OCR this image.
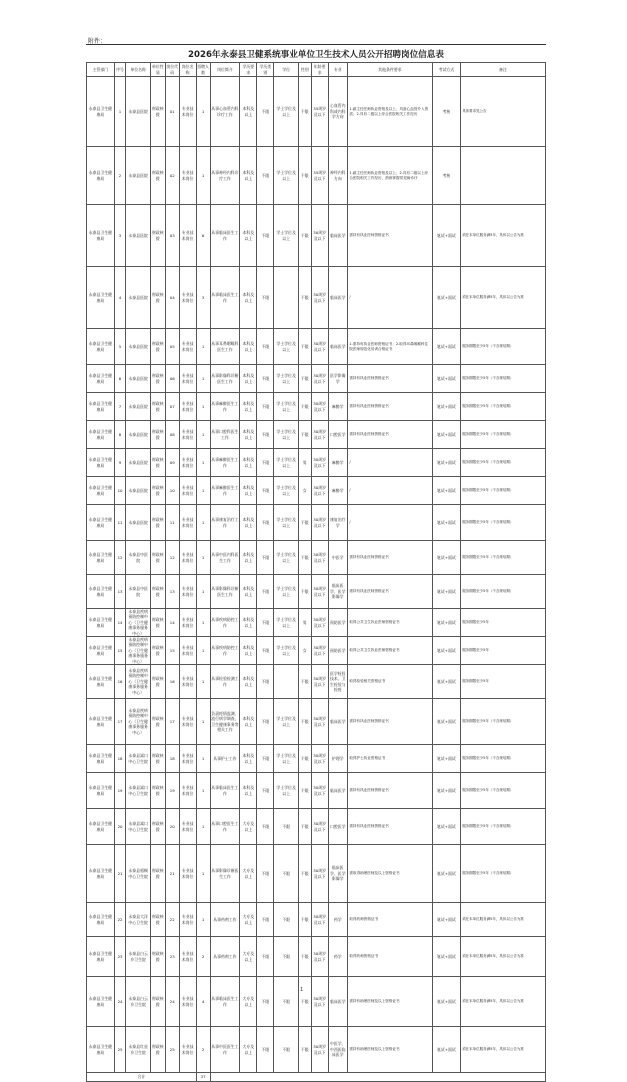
附件：
2026年永泰县卫健系统事业单位卫生技术人员公开招聘岗位信息表
主管部门	序号	单位名称	单位性质	岗位代码	岗位名称	招聘人数	岗位简介	学历要求	学历类别	学位	性别	年龄要求	专业	其他条件要求	考试方式	备注
永泰县卫生健康局	1	永泰县医院	财政核拨	01	专业技术岗位	1	从事心血管内科诊疗工作	本科及以上	不限	学士学位及以上	不限	35周岁及以下	心血管内科或内科学方向	1.副主任医师执业资格及以上，具备心血管介入资质；2.具有二级以上综合医院相关工作经历	考核	具体要求见公告
永泰县卫生健康局	2	永泰县医院	财政核拨	02	专业技术岗位	1	从事神经内科诊疗工作	本科及以上	不限	学士学位及以上	不限	35周岁及以下	神经内科方向	1.副主任医师执业资格及以上；2.具有二级以上综合医院相关工作经历，熟练掌握常见病诊疗	考核	
永泰县卫生健康局	3	永泰县医院	财政核拨	03	专业技术岗位	6	从事临床医生工作	本科及以上	不限	学士学位及以上	不限	30周岁及以下	临床医学	需持有执业医师资格证书	笔试+面试	须在本单位服务满5年，具体以公告为准
永泰县卫生健康局	4	永泰县医院	财政核拨	04	专业技术岗位	3	从事临床医生工作	本科及以上	不限		不限	30周岁及以下	临床医学	/	笔试+面试	须在本单位服务满5年，具体以公告为准
永泰县卫生健康局	5	永泰县医院	财政核拨	05	专业技术岗位	1	从事耳鼻咽喉科医生工作	本科及以上	不限	学士学位及以上	不限	30周岁及以下	临床医学	1.需持有执业医师资格证书；2.取得耳鼻咽喉科住院医师规范化培训合格证书	笔试+面试	服务期限至少5年（不含规培期）
永泰县卫生健康局	6	永泰县医院	财政核拨	06	专业技术岗位	1	从事影像科诊断医生工作	本科及以上	不限	学士学位及以上	不限	30周岁及以下	医学影像学	需持有执业医师资格证书	笔试+面试	服务期限至少5年（不含规培期）
永泰县卫生健康局	7	永泰县医院	财政核拨	07	专业技术岗位	1	从事麻醉医生工作	本科及以上	不限	学士学位及以上	不限	30周岁及以下	麻醉学	需持有执业医师资格证书	笔试+面试	服务期限至少5年（不含规培期）
永泰县卫生健康局	8	永泰县医院	财政核拨	08	专业技术岗位	1	从事口腔科医生工作	本科及以上	不限	学士学位及以上	不限	30周岁及以下	口腔医学	需持有执业医师资格证书	笔试+面试	服务期限至少5年（不含规培期）
永泰县卫生健康局	9	永泰县医院	财政核拨	09	专业技术岗位	1	从事麻醉医生工作	本科及以上	不限	学士学位及以上	男	30周岁及以下	麻醉学	/	笔试+面试	服务期限至少5年（不含规培期）
永泰县卫生健康局	10	永泰县医院	财政核拨	10	专业技术岗位	1	从事麻醉医生工作	本科及以上	不限	学士学位及以上	女	30周岁及以下	麻醉学	/	笔试+面试	服务期限至少5年（不含规培期）
永泰县卫生健康局	11	永泰县医院	财政核拨	11	专业技术岗位	1	从事康复治疗工作	本科及以上	不限	学士学位及以上	不限	30周岁及以下	康复治疗学	/	笔试+面试	服务期限至少5年（不含规培期）
永泰县卫生健康局	12	永泰县中医院	财政核拨	12	专业技术岗位	1	从事中医内科医生工作	本科及以上	不限	学士学位及以上	不限	30周岁及以下	中医学	需持有执业医师资格证书	笔试+面试	服务期限至少5年（不含规培期）
永泰县卫生健康局	13	永泰县中医院	财政核拨	13	专业技术岗位	1	从事影像科诊断医生工作	本科及以上	不限	学士学位及以上	不限	30周岁及以下	临床医学、医学影像学	需持有执业医师资格证书	笔试+面试	服务期限至少5年（不含规培期）
永泰县卫生健康局	14	永泰县疾病预防控制中心（卫生健康事务服务中心）	财政核拨	14	专业技术岗位	1	从事疾病防控工作	本科及以上	不限	学士学位及以上	男	30周岁及以下	预防医学	取得公共卫生执业医师资格证书	笔试+面试	服务期限至少5年
永泰县卫生健康局	15	永泰县疾病预防控制中心（卫生健康事务服务中心）	财政核拨	15	专业技术岗位	1	从事疾病防控工作	本科及以上	不限	学士学位及以上	女	30周岁及以下	预防医学	取得公共卫生执业医师资格证书	笔试+面试	服务期限至少5年
永泰县卫生健康局	16	永泰县疾病预防控制中心（卫生健康事务服务中心）	财政核拨	16	专业技术岗位	1	从事检验检测工作	本科及以上	不限		不限	30周岁及以下	医学检验技术、卫生检验与检疫	取得检验相关资格证书	笔试+面试	服务期限至少5年
永泰县卫生健康局	17	永泰县疾病预防控制中心（卫生健康事务服务中心）	财政核拨	17	专业技术岗位	1	负责疫情监测、流行病学调查、卫生健康事务等相关工作	本科及以上	不限	学士学位及以上	不限	30周岁及以下	临床医学	需持有执业医师资格证书	笔试+面试	服务期限至少5年（不含规培期）
永泰县卫生健康局	18	永泰县嵩口中心卫生院	财政核拨	18	专业技术岗位	1	从事护士工作	本科及以上	不限	学士学位及以上	不限	30周岁及以下	护理学	取得护士执业资格证书	笔试+面试	服务期限至少5年（不含规培期）
永泰县卫生健康局	19	永泰县嵩口中心卫生院	财政核拨	19	专业技术岗位	1	从事临床医生工作	本科及以上	不限	学士学位及以上	不限	30周岁及以下	临床医学	需持有执业医师资格证书	笔试+面试	服务期限至少5年（不含规培期）
永泰县卫生健康局	20	永泰县嵩口中心卫生院	财政核拨	20	专业技术岗位	1	从事口腔医生工作	大专及以上	不限	不限	不限	30周岁及以下	口腔医学	需持有执业医师资格证书	笔试+面试	服务期限至少5年（不含规培期）
永泰县卫生健康局	21	永泰县梧桐中心卫生院	财政核拨	21	专业技术岗位	1	从事影像诊断医生工作	大专及以上	不限	不限	不限	30周岁及以下	临床医学、医学影像学	需取得助理医师及以上资格证书	笔试+面试	服务期限至少5年（不含规培期）
永泰县卫生健康局	22	永泰县大洋中心卫生院	财政核拨	22	专业技术岗位	1	从事药剂工作	大专及以上	不限	不限	不限	30周岁及以下	药学	取得药师资格证书	笔试+面试	须在本单位服务满5年，具体以公告为准
永泰县卫生健康局	23	永泰县白云乡卫生院	财政核拨	23	专业技术岗位	2	从事药剂工作	大专及以上	不限	不限	不限	30周岁及以下	药学	取得药师资格证书	笔试+面试	须在本单位服务满5年，具体以公告为准
永泰县卫生健康局	24	永泰县白云乡卫生院	财政核拨	24	专业技术岗位	4	从事临床医生工作	大专及以上	不限	不限	不限	30周岁及以下	临床医学	需持有助理医师及以上资格证书	笔试+面试	须在本单位服务满5年，具体以公告为准
永泰县卫生健康局	25	永泰县红星乡卫生院	财政核拨	25	专业技术岗位	2	从事中医医生工作	大专及以上	不限	不限	不限	30周岁及以下	中医学、中西医临床医学	需持有助理医师及以上资格证书	笔试+面试	须在本单位服务满5年，具体以公告为准
合计						37										
1
